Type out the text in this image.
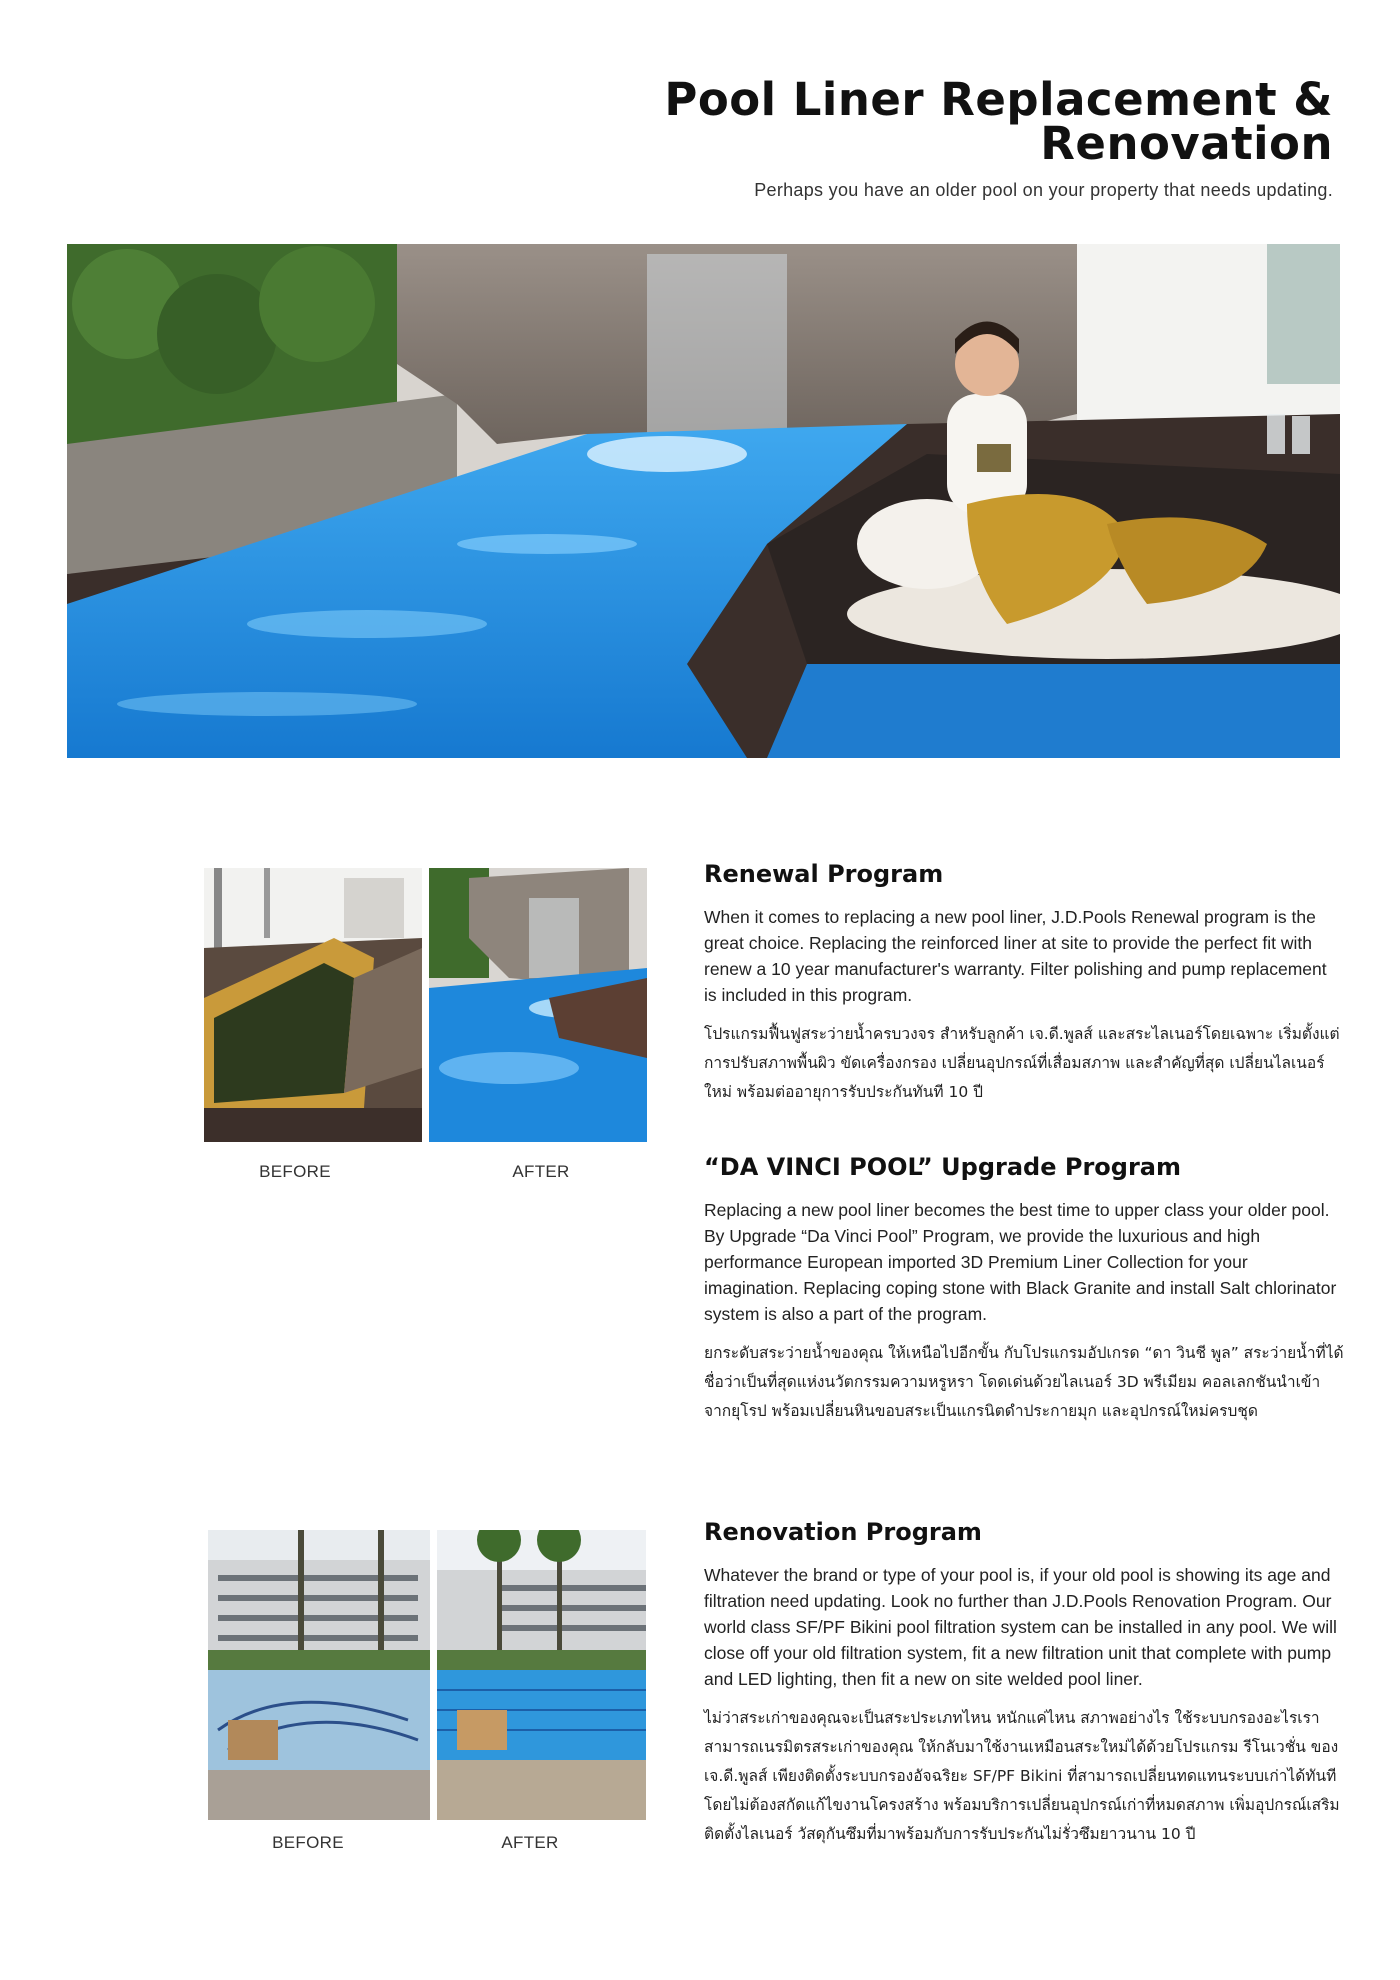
Pool Liner Replacement &
Renovation
Perhaps you have an older pool on your property that needs updating.
BEFORE	AFTER
BEFORE	AFTER
Renewal Program

When it comes to replacing a new pool liner, J.D.Pools Renewal program is the great choice. Replacing the reinforced liner at site to provide the perfect fit with renew a 10 year manufacturer's warranty. Filter polishing and pump replacement is included in this program.

โปรแกรมฟื้นฟูสระว่ายน้ำครบวงจร สำหรับลูกค้า เจ.ดี.พูลส์ และสระไลเนอร์โดยเฉพาะ เริ่มตั้งแต่การปรับสภาพพื้นผิว ขัดเครื่องกรอง เปลี่ยนอุปกรณ์ที่เสื่อมสภาพ และสำคัญที่สุด เปลี่ยนไลเนอร์ใหม่ พร้อมต่ออายุการรับประกันทันที 10 ปี

“DA VINCI POOL” Upgrade Program

Replacing a new pool liner becomes the best time to upper class your older pool. By Upgrade “Da Vinci Pool” Program, we provide the luxurious and high performance European imported 3D Premium Liner Collection for your imagination. Replacing coping stone with Black Granite and install Salt chlorinator system is also a part of the program.

ยกระดับสระว่ายน้ำของคุณ ให้เหนือไปอีกขั้น กับโปรแกรมอัปเกรด “ดา วินชี พูล” สระว่ายน้ำที่ได้ชื่อว่าเป็นที่สุดแห่งนวัตกรรมความหรูหรา โดดเด่นด้วยไลเนอร์ 3D พรีเมียม คอลเลกชันนำเข้าจากยุโรป พร้อมเปลี่ยนหินขอบสระเป็นแกรนิตดำประกายมุก และอุปกรณ์ใหม่ครบชุด

Renovation Program

Whatever the brand or type of your pool is, if your old pool is showing its age and filtration need updating. Look no further than J.D.Pools Renovation Program. Our world class SF/PF Bikini pool filtration system can be installed in any pool. We will close off your old filtration system, fit a new filtration unit that complete with pump and LED lighting, then fit a new on site welded pool liner.

ไม่ว่าสระเก่าของคุณจะเป็นสระประเภทไหน หนักแค่ไหน สภาพอย่างไร ใช้ระบบกรองอะไรเราสามารถเนรมิตรสระเก่าของคุณ ให้กลับมาใช้งานเหมือนสระใหม่ได้ด้วยโปรแกรม รีโนเวชั่น ของ เจ.ดี.พูลส์ เพียงติดตั้งระบบกรองอัจฉริยะ SF/PF Bikini ที่สามารถเปลี่ยนทดแทนระบบเก่าได้ทันที โดยไม่ต้องสกัดแก้ไขงานโครงสร้าง พร้อมบริการเปลี่ยนอุปกรณ์เก่าที่หมดสภาพ เพิ่มอุปกรณ์เสริม ติดตั้งไลเนอร์ วัสดุกันซึมที่มาพร้อมกับการรับประกันไม่รั่วซึมยาวนาน 10 ปี
